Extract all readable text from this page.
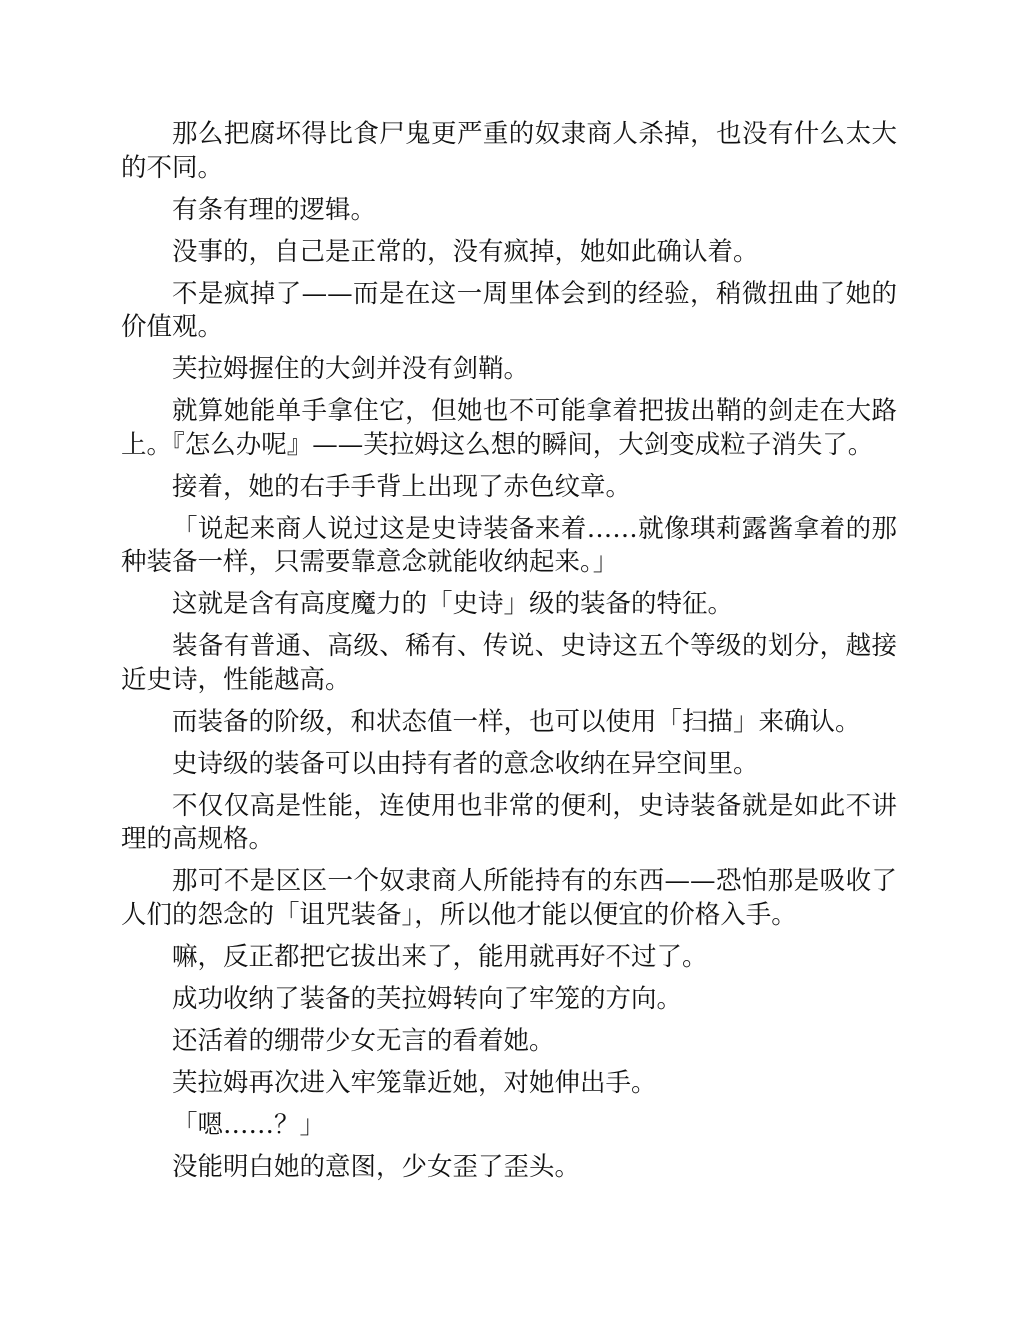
那么把腐坏得比食尸鬼更严重的奴隶商人杀掉，也没有什么太大的不同。

有条有理的逻辑。

没事的，自己是正常的，没有疯掉，她如此确认着。

不是疯掉了——而是在这一周里体会到的经验，稍微扭曲了她的价值观。

芙拉姆握住的大剑并没有剑鞘。

就算她能单手拿住它，但她也不可能拿着把拔出鞘的剑走在大路上。『怎么办呢』——芙拉姆这么想的瞬间，大剑变成粒子消失了。

接着，她的右手手背上出现了赤色纹章。

「说起来商人说过这是史诗装备来着……就像琪莉露酱拿着的那种装备一样，只需要靠意念就能收纳起来。」

这就是含有高度魔力的「史诗」级的装备的特征。

装备有普通、高级、稀有、传说、史诗这五个等级的划分，越接近史诗，性能越高。

而装备的阶级，和状态值一样，也可以使用「扫描」来确认。

史诗级的装备可以由持有者的意念收纳在异空间里。

不仅仅高是性能，连使用也非常的便利，史诗装备就是如此不讲理的高规格。

那可不是区区一个奴隶商人所能持有的东西——恐怕那是吸收了人们的怨念的「诅咒装备」，所以他才能以便宜的价格入手。

嘛，反正都把它拔出来了，能用就再好不过了。

成功收纳了装备的芙拉姆转向了牢笼的方向。

还活着的绷带少女无言的看着她。

芙拉姆再次进入牢笼靠近她，对她伸出手。

「嗯……？」

没能明白她的意图，少女歪了歪头。
